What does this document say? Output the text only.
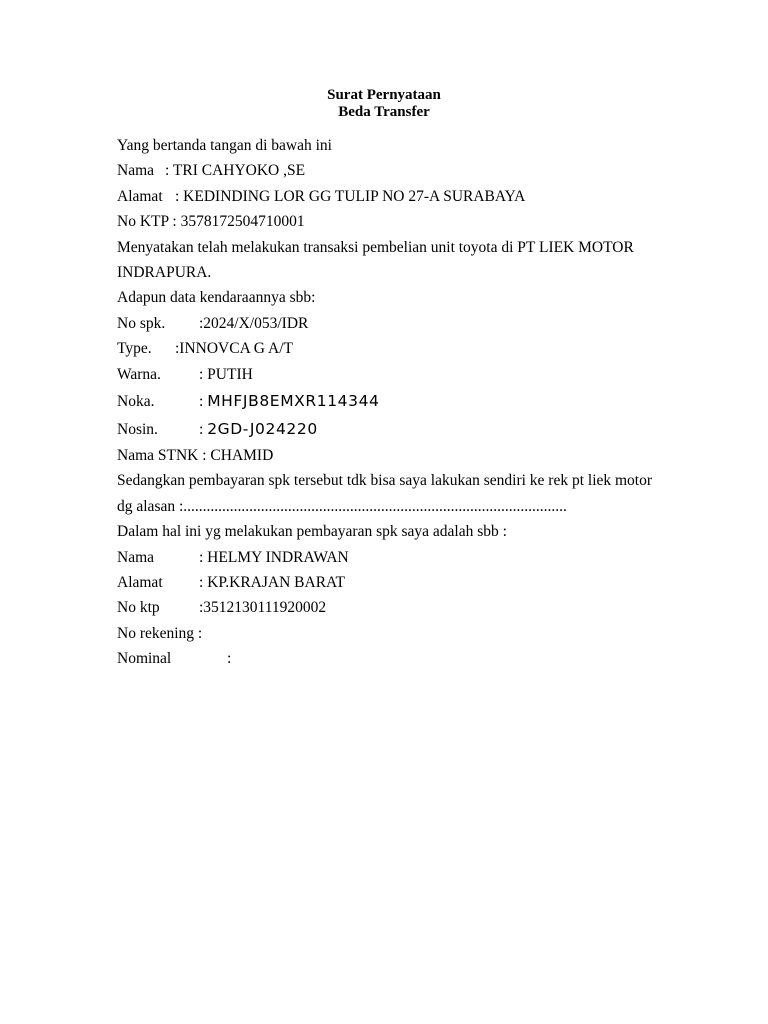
Surat Pernyataan
Beda Transfer
Yang bertanda tangan di bawah ini
Nama : TRI CAHYOKO ,SE
Alamat : KEDINDING LOR GG TULIP NO 27-A SURABAYA
No KTP : 3578172504710001
Menyatakan telah melakukan transaksi pembelian unit toyota di PT LIEK MOTOR INDRAPURA.
Adapun data kendaraannya sbb:
No spk. :2024/X/053/IDR
Type. :INNOVCA G A/T
Warna. : PUTIH
Noka.	: MHFJB8EMXR114344
Nosin.	: 2GD-J024220
Nama STNK : CHAMID
Sedangkan pembayaran spk tersebut tdk bisa saya lakukan sendiri ke rek pt liek motor dg alasan :...................................................................................................
Dalam hal ini yg melakukan pembayaran spk saya adalah sbb :
Nama	: HELMY INDRAWAN
Alamat : KP.KRAJAN BARAT
No ktp	:3512130111920002
No rekening :
Nominal	:
